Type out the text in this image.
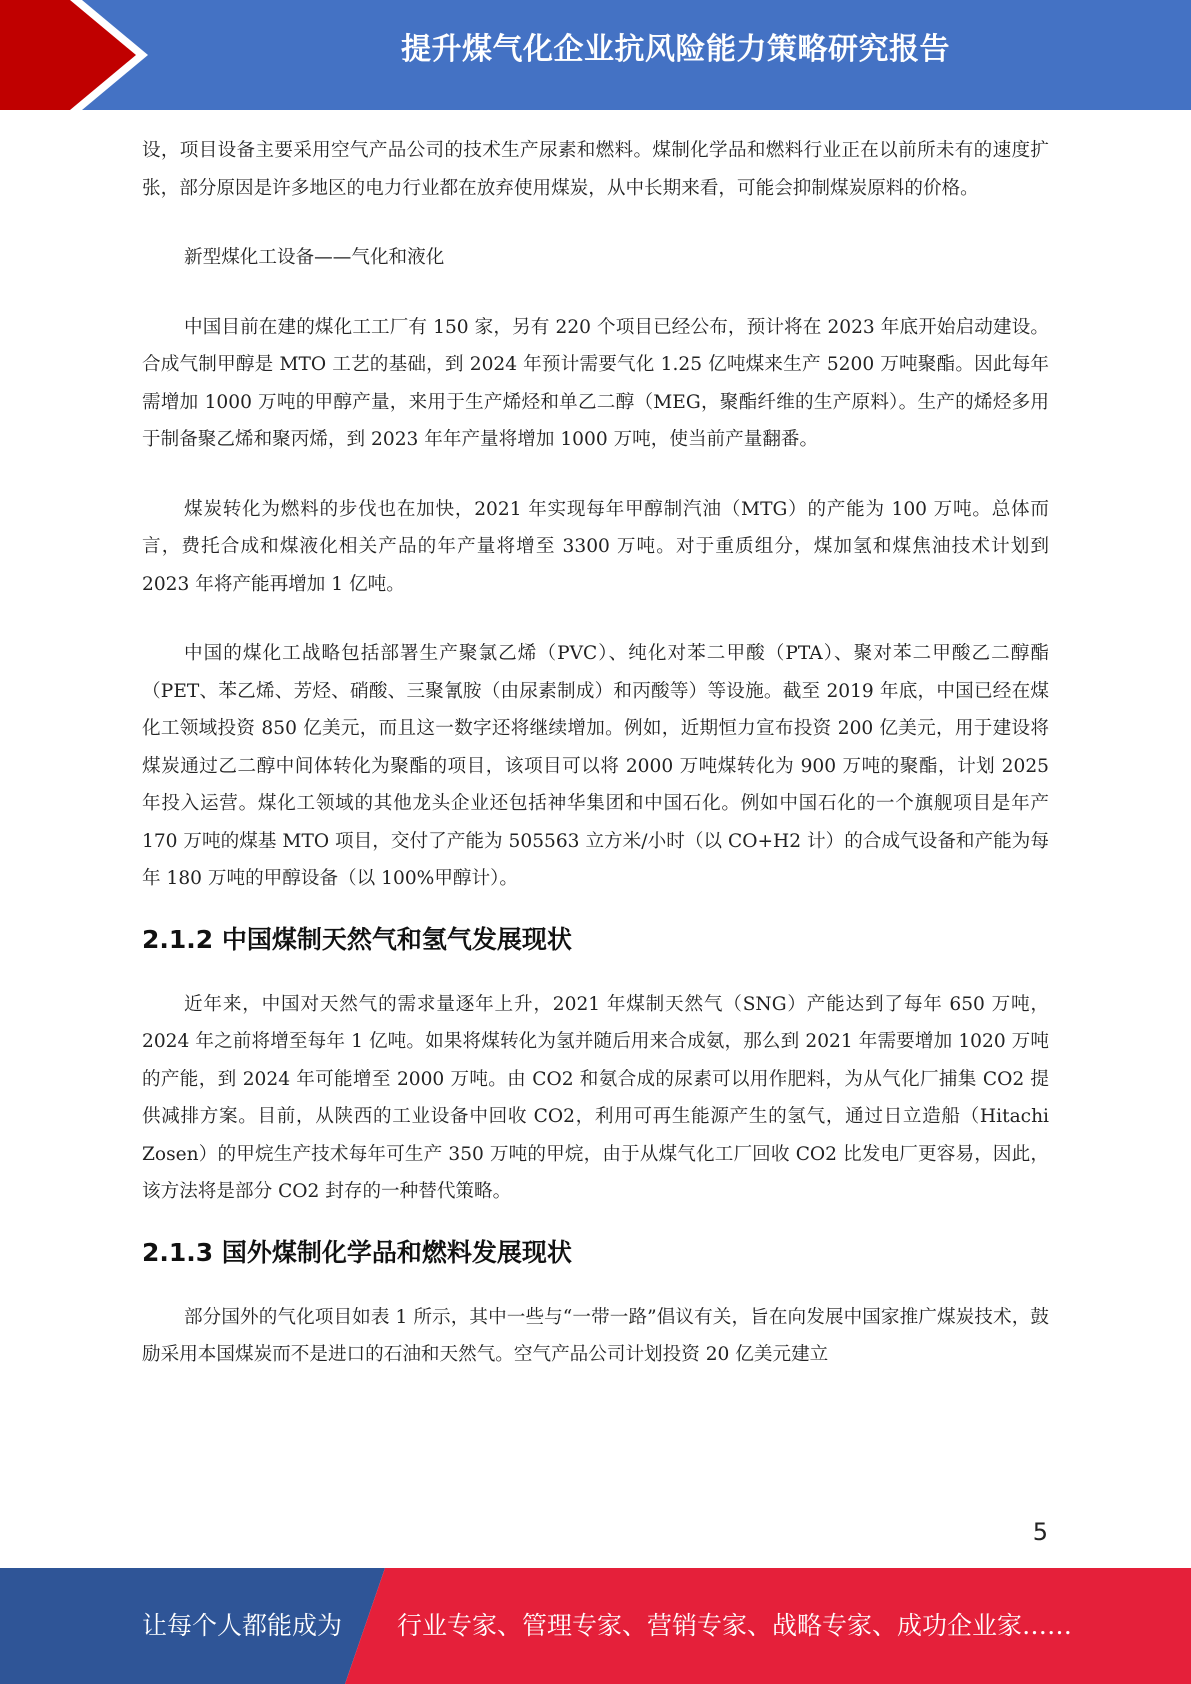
提升煤气化企业抗风险能力策略研究报告

设，项目设备主要采用空气产品公司的技术生产尿素和燃料。煤制化学品和燃料行业正在以前所未有的速度扩张，部分原因是许多地区的电力行业都在放弃使用煤炭，从中长期来看，可能会抑制煤炭原料的价格。

新型煤化工设备——气化和液化

中国目前在建的煤化工工厂有 150 家，另有 220 个项目已经公布，预计将在 2023 年底开始启动建设。合成气制甲醇是 MTO 工艺的基础，到 2024 年预计需要气化 1.25 亿吨煤来生产 5200 万吨聚酯。因此每年需增加 1000 万吨的甲醇产量，来用于生产烯烃和单乙二醇（MEG，聚酯纤维的生产原料）。生产的烯烃多用于制备聚乙烯和聚丙烯，到 2023 年年产量将增加 1000 万吨，使当前产量翻番。

煤炭转化为燃料的步伐也在加快，2021 年实现每年甲醇制汽油（MTG）的产能为 100 万吨。总体而言，费托合成和煤液化相关产品的年产量将增至 3300 万吨。对于重质组分，煤加氢和煤焦油技术计划到 2023 年将产能再增加 1 亿吨。

中国的煤化工战略包括部署生产聚氯乙烯（PVC）、纯化对苯二甲酸（PTA）、聚对苯二甲酸乙二醇酯（PET、苯乙烯、芳烃、硝酸、三聚氰胺（由尿素制成）和丙酸等）等设施。截至 2019 年底，中国已经在煤化工领域投资 850 亿美元，而且这一数字还将继续增加。例如，近期恒力宣布投资 200 亿美元，用于建设将煤炭通过乙二醇中间体转化为聚酯的项目，该项目可以将 2000 万吨煤转化为 900 万吨的聚酯，计划 2025 年投入运营。煤化工领域的其他龙头企业还包括神华集团和中国石化。例如中国石化的一个旗舰项目是年产 170 万吨的煤基 MTO 项目，交付了产能为 505563 立方米/小时（以 CO+H2 计）的合成气设备和产能为每年 180 万吨的甲醇设备（以 100%甲醇计）。

2.1.2 中国煤制天然气和氢气发展现状

近年来，中国对天然气的需求量逐年上升，2021 年煤制天然气（SNG）产能达到了每年 650 万吨，2024 年之前将增至每年 1 亿吨。如果将煤转化为氢并随后用来合成氨，那么到 2021 年需要增加 1020 万吨的产能，到 2024 年可能增至 2000 万吨。由 CO2 和氨合成的尿素可以用作肥料，为从气化厂捕集 CO2 提供减排方案。目前，从陕西的工业设备中回收 CO2，利用可再生能源产生的氢气，通过日立造船（Hitachi Zosen）的甲烷生产技术每年可生产 350 万吨的甲烷，由于从煤气化工厂回收 CO2 比发电厂更容易，因此，该方法将是部分 CO2 封存的一种替代策略。

2.1.3 国外煤制化学品和燃料发展现状

部分国外的气化项目如表 1 所示，其中一些与“一带一路”倡议有关，旨在向发展中国家推广煤炭技术，鼓励采用本国煤炭而不是进口的石油和天然气。空气产品公司计划投资 20 亿美元建立

5
让每个人都能成为 行业专家、管理专家、营销专家、战略专家、成功企业家……
